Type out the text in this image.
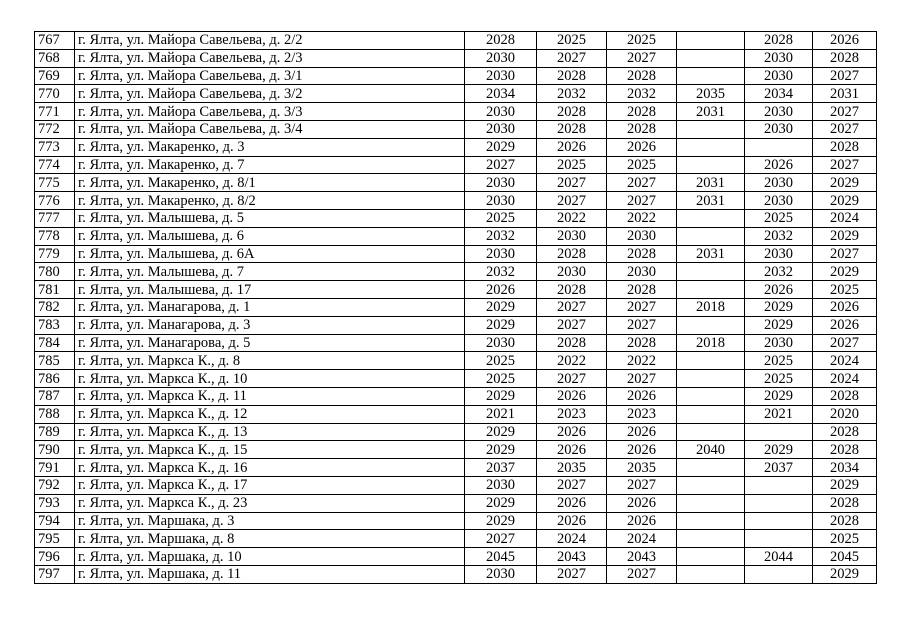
767	г. Ялта, ул. Майора Савельева, д. 2/2	2028	2025	2025		2028	2026
768	г. Ялта, ул. Майора Савельева, д. 2/3	2030	2027	2027		2030	2028
769	г. Ялта, ул. Майора Савельева, д. 3/1	2030	2028	2028		2030	2027
770	г. Ялта, ул. Майора Савельева, д. 3/2	2034	2032	2032	2035	2034	2031
771	г. Ялта, ул. Майора Савельева, д. 3/3	2030	2028	2028	2031	2030	2027
772	г. Ялта, ул. Майора Савельева, д. 3/4	2030	2028	2028		2030	2027
773	г. Ялта, ул. Макаренко, д. 3	2029	2026	2026			2028
774	г. Ялта, ул. Макаренко, д. 7	2027	2025	2025		2026	2027
775	г. Ялта, ул. Макаренко, д. 8/1	2030	2027	2027	2031	2030	2029
776	г. Ялта, ул. Макаренко, д. 8/2	2030	2027	2027	2031	2030	2029
777	г. Ялта, ул. Малышева, д. 5	2025	2022	2022		2025	2024
778	г. Ялта, ул. Малышева, д. 6	2032	2030	2030		2032	2029
779	г. Ялта, ул. Малышева, д. 6А	2030	2028	2028	2031	2030	2027
780	г. Ялта, ул. Малышева, д. 7	2032	2030	2030		2032	2029
781	г. Ялта, ул. Малышева, д. 17	2026	2028	2028		2026	2025
782	г. Ялта, ул. Манагарова, д. 1	2029	2027	2027	2018	2029	2026
783	г. Ялта, ул. Манагарова, д. 3	2029	2027	2027		2029	2026
784	г. Ялта, ул. Манагарова, д. 5	2030	2028	2028	2018	2030	2027
785	г. Ялта, ул. Маркса К., д. 8	2025	2022	2022		2025	2024
786	г. Ялта, ул. Маркса К., д. 10	2025	2027	2027		2025	2024
787	г. Ялта, ул. Маркса К., д. 11	2029	2026	2026		2029	2028
788	г. Ялта, ул. Маркса К., д. 12	2021	2023	2023		2021	2020
789	г. Ялта, ул. Маркса К., д. 13	2029	2026	2026			2028
790	г. Ялта, ул. Маркса К., д. 15	2029	2026	2026	2040	2029	2028
791	г. Ялта, ул. Маркса К., д. 16	2037	2035	2035		2037	2034
792	г. Ялта, ул. Маркса К., д. 17	2030	2027	2027			2029
793	г. Ялта, ул. Маркса К., д. 23	2029	2026	2026			2028
794	г. Ялта, ул. Маршака, д. 3	2029	2026	2026			2028
795	г. Ялта, ул. Маршака, д. 8	2027	2024	2024			2025
796	г. Ялта, ул. Маршака, д. 10	2045	2043	2043		2044	2045
797	г. Ялта, ул. Маршака, д. 11	2030	2027	2027			2029
